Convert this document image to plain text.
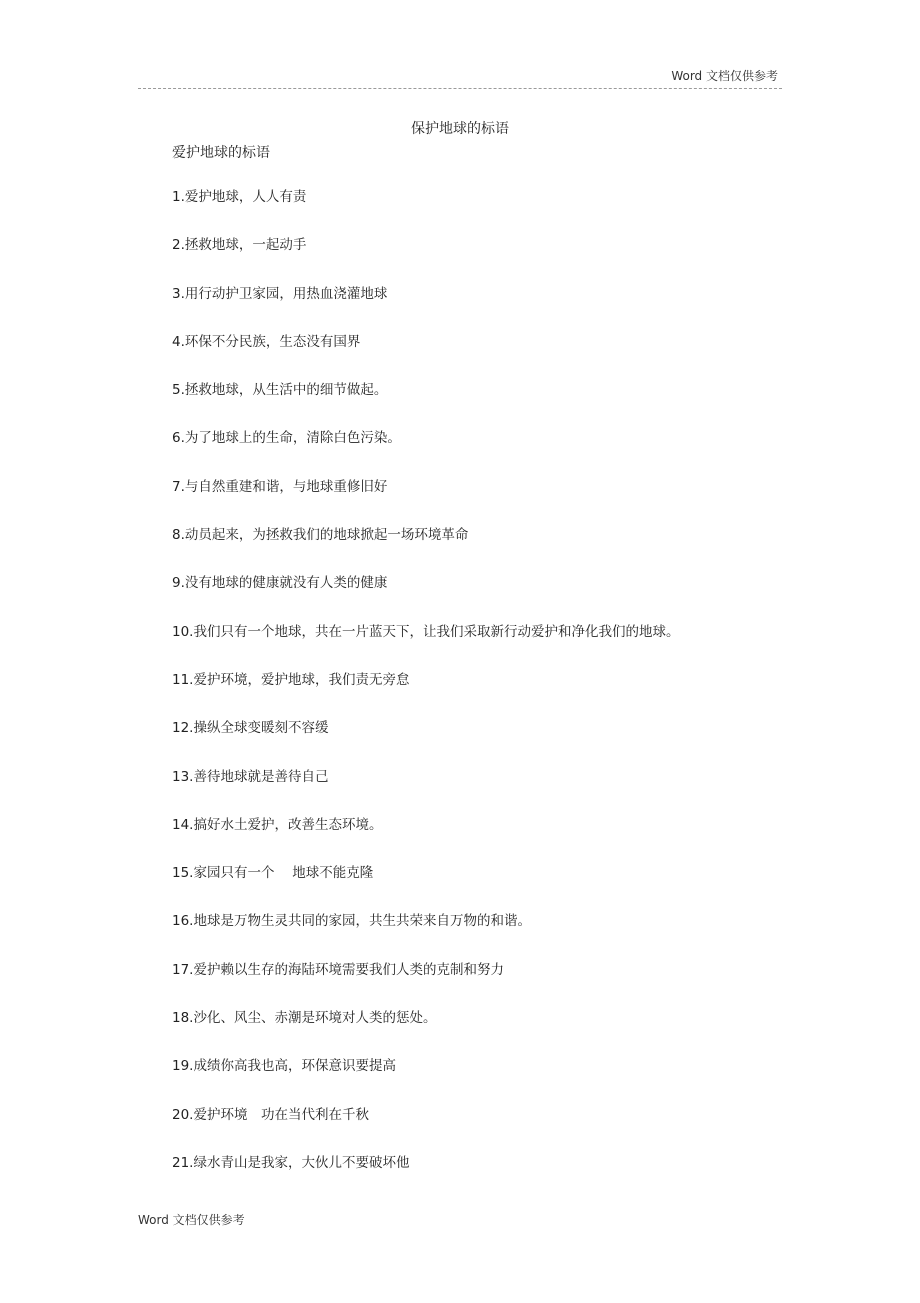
Word 文档仅供参考
保护地球的标语
爱护地球的标语
1.爱护地球，人人有责
2.拯救地球，一起动手
3.用行动护卫家园，用热血浇灌地球
4.环保不分民族，生态没有国界
5.拯救地球，从生活中的细节做起。
6.为了地球上的生命，清除白色污染。
7.与自然重建和谐，与地球重修旧好
8.动员起来，为拯救我们的地球掀起一场环境革命
9.没有地球的健康就没有人类的健康
10.我们只有一个地球，共在一片蓝天下，让我们采取新行动爱护和净化我们的地球。
11.爱护环境，爱护地球，我们责无旁怠
12.操纵全球变暖刻不容缓
13.善待地球就是善待自己
14.搞好水土爱护，改善生态环境。
15.家园只有一个　 地球不能克隆
16.地球是万物生灵共同的家园，共生共荣来自万物的和谐。
17.爱护赖以生存的海陆环境需要我们人类的克制和努力
18.沙化、风尘、赤潮是环境对人类的惩处。
19.成绩你高我也高，环保意识要提高
20.爱护环境　功在当代利在千秋
21.绿水青山是我家，大伙儿不要破坏他
Word 文档仅供参考
